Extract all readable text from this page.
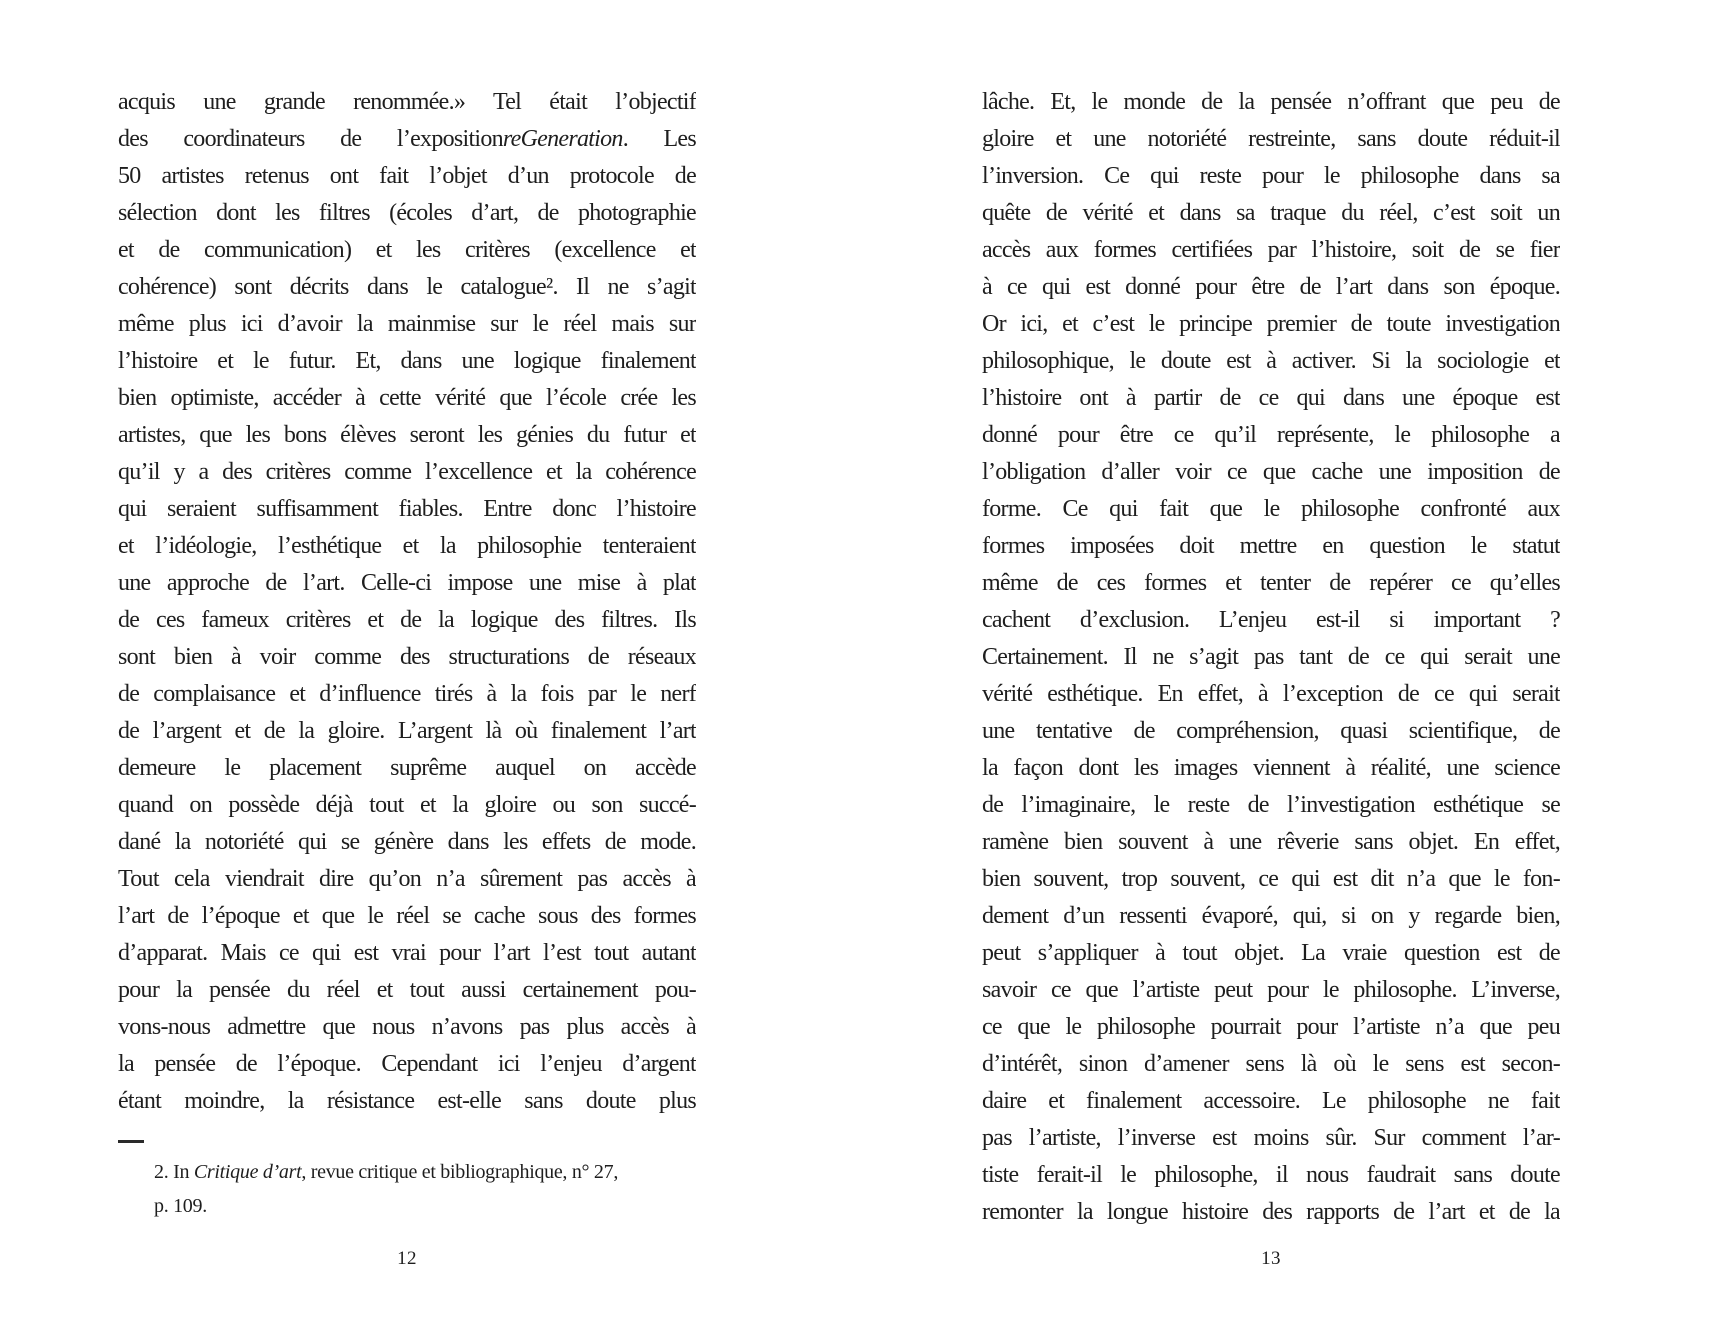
acquis une grande renommée.» Tel était l’objectif
des coordinateurs de l’expositionreGeneration. Les
50 artistes retenus ont fait l’objet d’un protocole de
sélection dont les filtres (écoles d’art, de photographie
et de communication) et les critères (excellence et
cohérence) sont décrits dans le catalogue². Il ne s’agit
même plus ici d’avoir la mainmise sur le réel mais sur
l’histoire et le futur. Et, dans une logique finalement
bien optimiste, accéder à cette vérité que l’école crée les
artistes, que les bons élèves seront les génies du futur et
qu’il y a des critères comme l’excellence et la cohérence
qui seraient suffisamment fiables. Entre donc l’histoire
et l’idéologie, l’esthétique et la philosophie tenteraient
une approche de l’art. Celle-ci impose une mise à plat
de ces fameux critères et de la logique des filtres. Ils
sont bien à voir comme des structurations de réseaux
de complaisance et d’influence tirés à la fois par le nerf
de l’argent et de la gloire. L’argent là où finalement l’art
demeure le placement suprême auquel on accède
quand on possède déjà tout et la gloire ou son succé-
dané la notoriété qui se génère dans les effets de mode.
Tout cela viendrait dire qu’on n’a sûrement pas accès à
l’art de l’époque et que le réel se cache sous des formes
d’apparat. Mais ce qui est vrai pour l’art l’est tout autant
pour la pensée du réel et tout aussi certainement pou-
vons-nous admettre que nous n’avons pas plus accès à
la pensée de l’époque. Cependant ici l’enjeu d’argent
étant moindre, la résistance est-elle sans doute plus
lâche. Et, le monde de la pensée n’offrant que peu de
gloire et une notoriété restreinte, sans doute réduit-il
l’inversion. Ce qui reste pour le philosophe dans sa
quête de vérité et dans sa traque du réel, c’est soit un
accès aux formes certifiées par l’histoire, soit de se fier
à ce qui est donné pour être de l’art dans son époque.
Or ici, et c’est le principe premier de toute investigation
philosophique, le doute est à activer. Si la sociologie et
l’histoire ont à partir de ce qui dans une époque est
donné pour être ce qu’il représente, le philosophe a
l’obligation d’aller voir ce que cache une imposition de
forme. Ce qui fait que le philosophe confronté aux
formes imposées doit mettre en question le statut
même de ces formes et tenter de repérer ce qu’elles
cachent d’exclusion. L’enjeu est-il si important ?
Certainement. Il ne s’agit pas tant de ce qui serait une
vérité esthétique. En effet, à l’exception de ce qui serait
une tentative de compréhension, quasi scientifique, de
la façon dont les images viennent à réalité, une science
de l’imaginaire, le reste de l’investigation esthétique se
ramène bien souvent à une rêverie sans objet. En effet,
bien souvent, trop souvent, ce qui est dit n’a que le fon-
dement d’un ressenti évaporé, qui, si on y regarde bien,
peut s’appliquer à tout objet. La vraie question est de
savoir ce que l’artiste peut pour le philosophe. L’inverse,
ce que le philosophe pourrait pour l’artiste n’a que peu
d’intérêt, sinon d’amener sens là où le sens est secon-
daire et finalement accessoire. Le philosophe ne fait
pas l’artiste, l’inverse est moins sûr. Sur comment l’ar-
tiste ferait-il le philosophe, il nous faudrait sans doute
remonter la longue histoire des rapports de l’art et de la
2. In Critique d’art, revue critique et bibliographique, n° 27,
p. 109.
12	13
